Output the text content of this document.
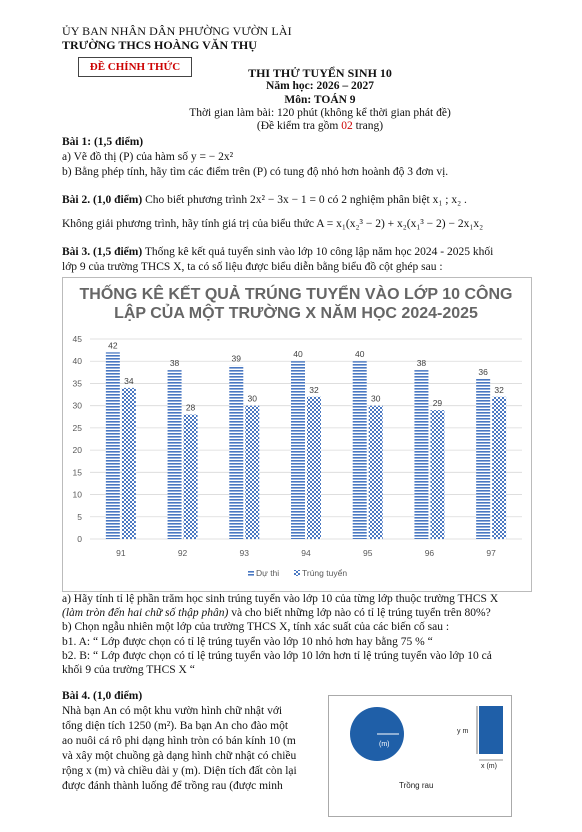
ỦY BAN NHÂN DÂN PHƯỜNG VƯỜN LÀI
TRƯỜNG THCS HOÀNG VĂN THỤ
ĐỀ CHÍNH THỨC	THI THỬ TUYỂN SINH 10
Năm học: 2026 – 2027
Môn: TOÁN 9
Thời gian làm bài: 120 phút (không kể thời gian phát đề)
(Đề kiểm tra gồm 02 trang)
Bài 1: (1,5 điểm)
a) Vẽ đồ thị (P) của hàm số y = − 2x²
b) Bằng phép tính, hãy tìm các điểm trên (P) có tung độ nhỏ hơn hoành độ 3 đơn vị.
Bài 2. (1,0 điểm) Cho biết phương trình 2x² − 3x − 1 = 0 có 2 nghiệm phân biệt x₁ ; x₂ .
Không giải phương trình, hãy tính giá trị của biểu thức A = x₁(x₂³ − 2) + x₂(x₁³ − 2) − 2x₁x₂
Bài 3. (1,5 điểm) Thống kê kết quả tuyển sinh vào lớp 10 công lập năm học 2024 - 2025 khối
lớp 9 của trường THCS X, ta có số liệu được biểu diễn bằng biểu đồ cột ghép sau :
THỐNG KÊ KẾT QUẢ TRÚNG TUYỂN VÀO LỚP 10 CÔNG
LẬP CỦA MỘT TRƯỜNG X NĂM HỌC 2024-2025
0
5
10
15
20
25
30
35
40
45
42
34
91
38
28
92
39
30
93
40
32
94
40
30
95
38
29
96
36
32
97
Dự thi	Trúng tuyển
a) Hãy tính tỉ lệ phần trăm học sinh trúng tuyển vào lớp 10 của từng lớp thuộc trường THCS X
(làm tròn đến hai chữ số thập phân) và cho biết những lớp nào có tỉ lệ trúng tuyển trên 80%?
b) Chọn ngẫu nhiên một lớp của trường THCS X, tính xác suất của các biến cố sau :
b1. A: “ Lớp được chọn có tỉ lệ trúng tuyển vào lớp 10 nhỏ hơn hay bằng 75 % “
b2. B: “ Lớp được chọn có tỉ lệ trúng tuyển vào lớp 10 lớn hơn tỉ lệ trúng tuyển vào lớp 10 cả
khối 9 của trường THCS X “
Bài 4. (1,0 điểm)
Nhà bạn An có một khu vườn hình chữ nhật với
tổng diện tích 1250 (m²). Ba bạn An cho đào một
ao nuôi cá rô phi dạng hình tròn có bán kính 10 (m
và xây một chuồng gà dạng hình chữ nhật có chiều
rộng x (m) và chiều dài y (m). Diện tích đất còn lại
được đánh thành luống để trồng rau (được minh
(m)
y m
x (m)
Trồng rau
